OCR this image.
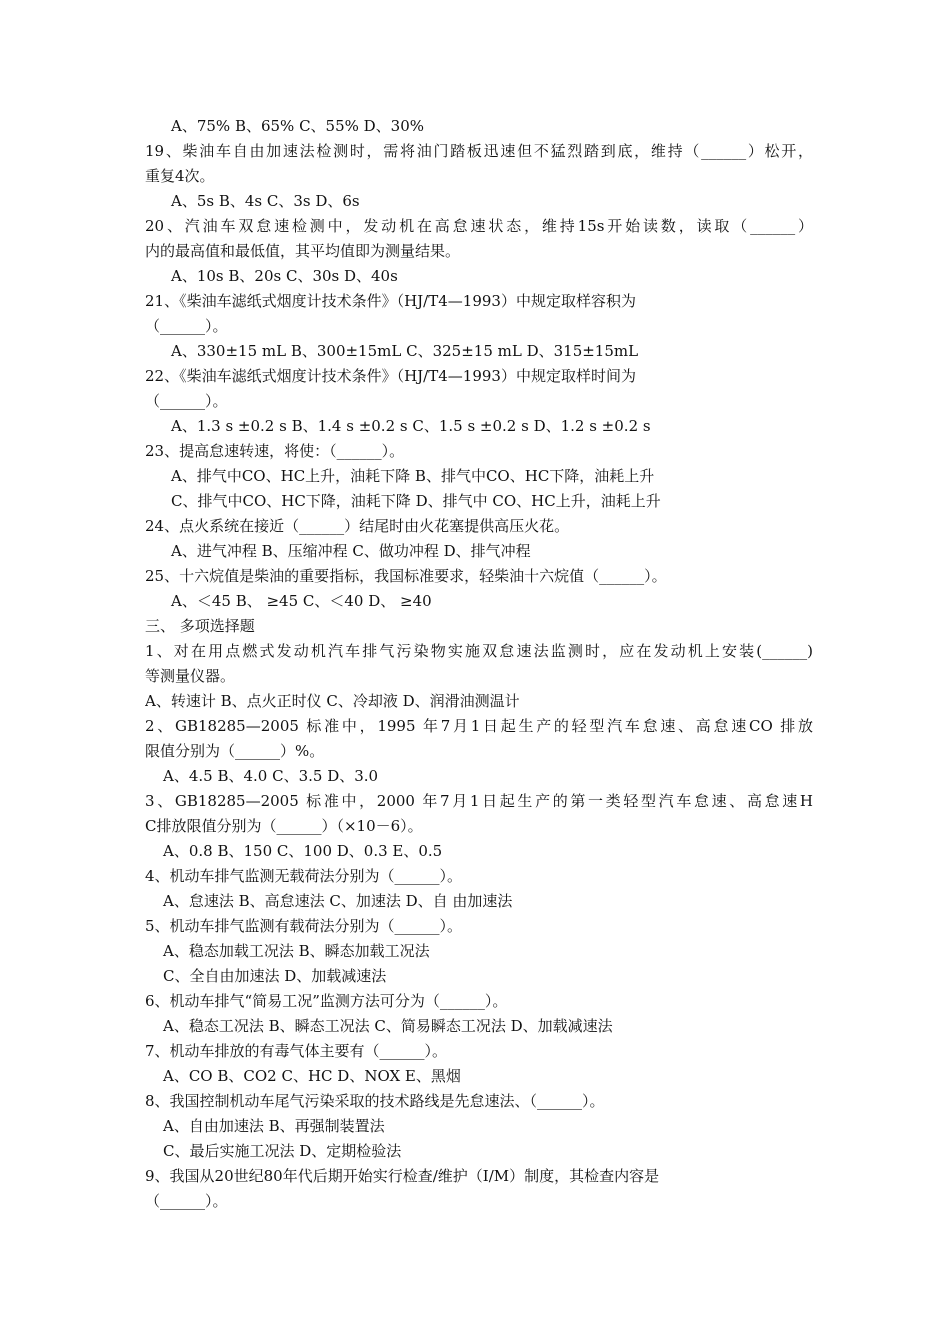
A、75% B、65% C、55% D、30%
19、柴油车自由加速法检测时，需将油门踏板迅速但不猛烈踏到底，维持（______）松开，
重复4次。
A、5s B、4s C、3s D、6s
20、汽油车双怠速检测中，发动机在高怠速状态，维持15s开始读数，读取（______）
内的最高值和最低值，其平均值即为测量结果。
A、10s B、20s C、30s D、40s
21、《柴油车滤纸式烟度计技术条件》（HJ/T4—1993）中规定取样容积为
（______）。
A、330±15 mL B、300±15mL C、325±15 mL D、315±15mL
22、《柴油车滤纸式烟度计技术条件》（HJ/T4—1993）中规定取样时间为
（______）。
A、1.3 s ±0.2 s B、1.4 s ±0.2 s C、1.5 s ±0.2 s D、1.2 s ±0.2 s
23、提高怠速转速，将使：（______）。
A、排气中CO、HC上升，油耗下降 B、排气中CO、HC下降，油耗上升
C、排气中CO、HC下降，油耗下降 D、排气中 CO、HC上升，油耗上升
24、点火系统在接近（______）结尾时由火花塞提供高压火花。
A、进气冲程 B、压缩冲程 C、做功冲程 D、排气冲程
25、十六烷值是柴油的重要指标，我国标准要求，轻柴油十六烷值（______）。
A、＜45 B、 ≥45 C、＜40 D、 ≥40
三、 多项选择题
1、对在用点燃式发动机汽车排气污染物实施双怠速法监测时，应在发动机上安装(______)
等测量仪器。
A、转速计 B、点火正时仪 C、冷却液 D、润滑油测温计
2、GB18285—2005 标准中，1995 年7月1日起生产的轻型汽车怠速、高怠速CO 排放
限值分别为（______）%。
A、4.5 B、4.0 C、3.5 D、3.0
3、GB18285—2005 标准中，2000 年7月1日起生产的第一类轻型汽车怠速、高怠速H
C排放限值分别为（______）（×10－6）。
A、0.8 B、150 C、100 D、0.3 E、0.5
4、机动车排气监测无载荷法分别为（______）。
A、怠速法 B、高怠速法 C、加速法 D、自 由加速法
5、机动车排气监测有载荷法分别为（______）。
A、稳态加载工况法 B、瞬态加载工况法
C、全自由加速法 D、加载减速法
6、机动车排气“简易工况”监测方法可分为（______）。
A、稳态工况法 B、瞬态工况法 C、简易瞬态工况法 D、加载减速法
7、机动车排放的有毒气体主要有（______）。
A、CO B、CO2 C、HC D、NOX E、黑烟
8、我国控制机动车尾气污染采取的技术路线是先怠速法、（______）。
A、自由加速法 B、再强制装置法
C、最后实施工况法 D、定期检验法
9、我国从20世纪80年代后期开始实行检查/维护（I/M）制度，其检查内容是
（______）。
